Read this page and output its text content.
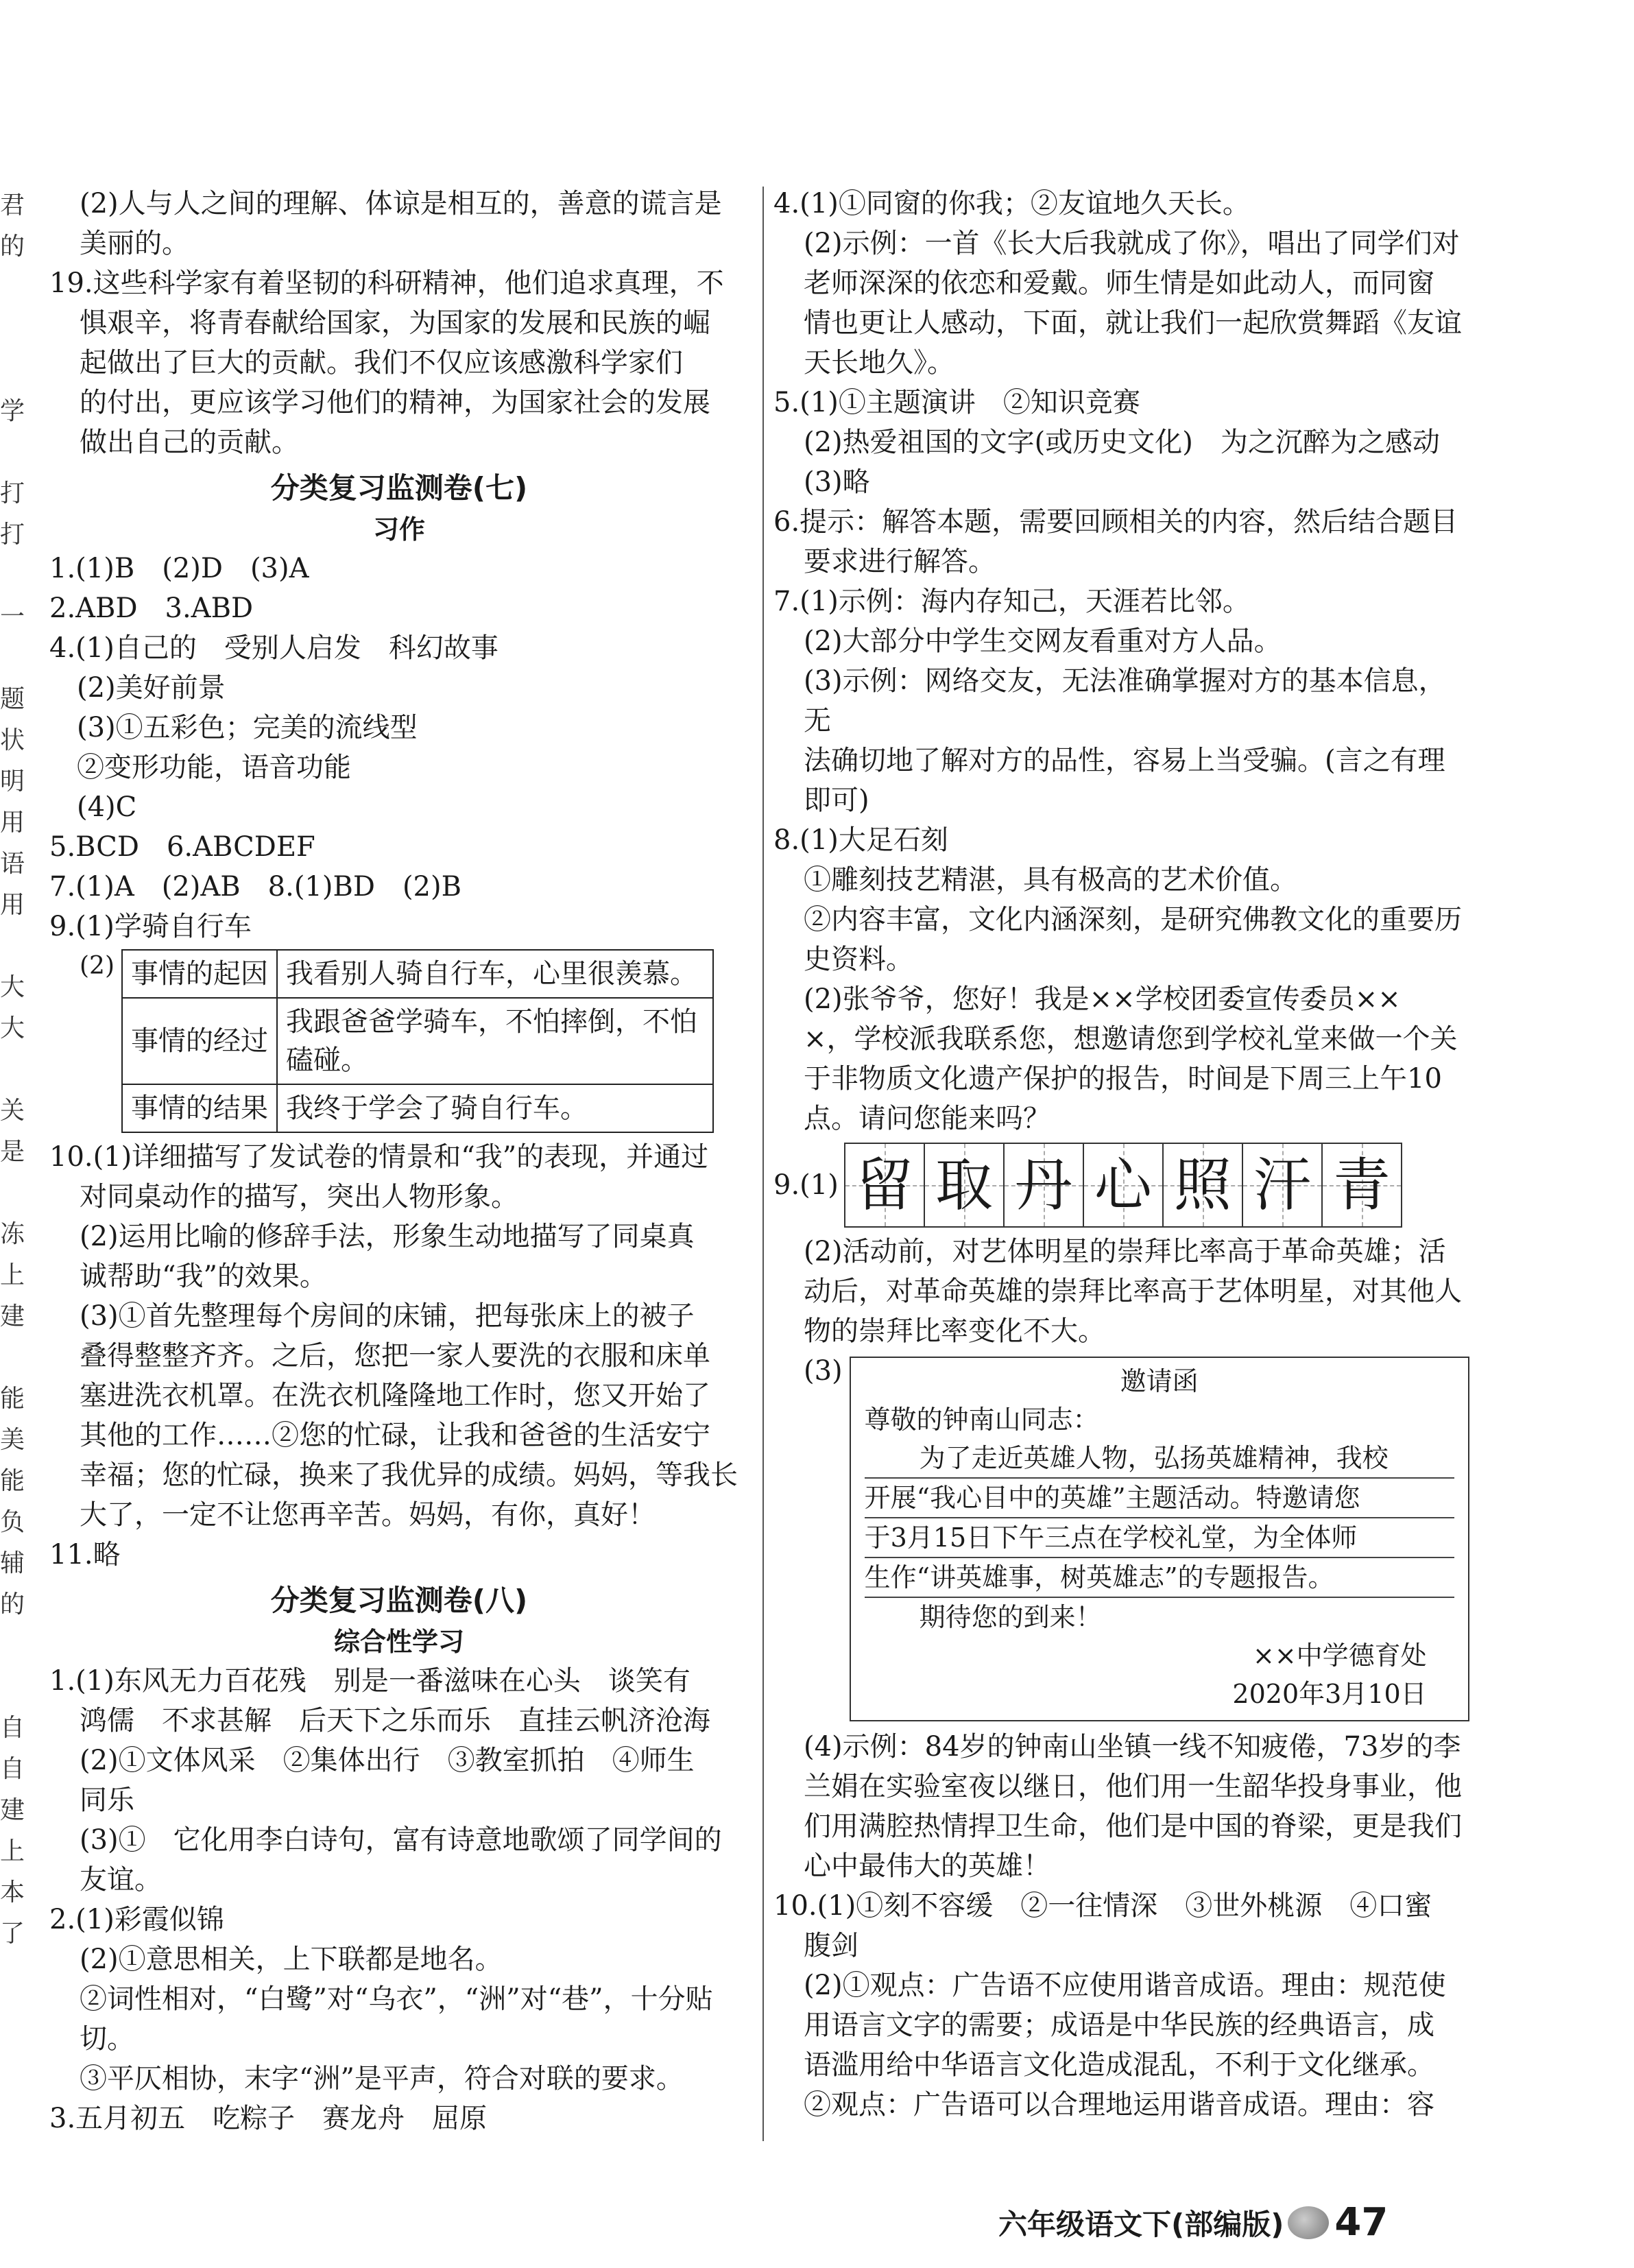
君
的
学
打
打
一
题
状
明
用
语
用
大
大
关
是
冻
上
建
能
美
能
负
辅
的
自
自
建
上
本
了
(2)人与人之间的理解、体谅是相互的，善意的谎言是
美丽的。
19.这些科学家有着坚韧的科研精神，他们追求真理，不
惧艰辛，将青春献给国家，为国家的发展和民族的崛
起做出了巨大的贡献。我们不仅应该感激科学家们
的付出，更应该学习他们的精神，为国家社会的发展
做出自己的贡献。
分类复习监测卷(七)
习作
1.(1)B　(2)D　(3)A
2.ABD　3.ABD
4.(1)自己的　受别人启发　科幻故事
　(2)美好前景
　(3)①五彩色；完美的流线型
　②变形功能，语音功能
　(4)C
5.BCD　6.ABCDEF
7.(1)A　(2)AB　8.(1)BD　(2)B
9.(1)学骑自行车
(2) 事情的起因	我看别人骑自行车，心里很羡慕。
事情的经过	我跟爸爸学骑车，不怕摔倒，不怕磕碰。
事情的结果	我终于学会了骑自行车。
10.(1)详细描写了发试卷的情景和“我”的表现，并通过
对同桌动作的描写，突出人物形象。
(2)运用比喻的修辞手法，形象生动地描写了同桌真
诚帮助“我”的效果。
(3)①首先整理每个房间的床铺，把每张床上的被子
叠得整整齐齐。之后，您把一家人要洗的衣服和床单
塞进洗衣机罩。在洗衣机隆隆地工作时，您又开始了
其他的工作……②您的忙碌，让我和爸爸的生活安宁
幸福；您的忙碌，换来了我优异的成绩。妈妈，等我长
大了，一定不让您再辛苦。妈妈，有你，真好！
11.略
分类复习监测卷(八)
综合性学习
1.(1)东风无力百花残　别是一番滋味在心头　谈笑有
鸿儒　不求甚解　后天下之乐而乐　直挂云帆济沧海
(2)①文体风采　②集体出行　③教室抓拍　④师生
同乐
(3)①　它化用李白诗句，富有诗意地歌颂了同学间的
友谊。
2.(1)彩霞似锦
(2)①意思相关，上下联都是地名。
②词性相对，“白鹭”对“乌衣”，“洲”对“巷”，十分贴切。
③平仄相协，末字“洲”是平声，符合对联的要求。
3.五月初五　吃粽子　赛龙舟　屈原
4.(1)①同窗的你我；②友谊地久天长。
(2)示例：一首《长大后我就成了你》，唱出了同学们对
老师深深的依恋和爱戴。师生情是如此动人，而同窗
情也更让人感动，下面，就让我们一起欣赏舞蹈《友谊
天长地久》。
5.(1)①主题演讲　②知识竞赛
(2)热爱祖国的文字(或历史文化)　为之沉醉为之感动
(3)略
6.提示：解答本题，需要回顾相关的内容，然后结合题目
要求进行解答。
7.(1)示例：海内存知己，天涯若比邻。
(2)大部分中学生交网友看重对方人品。
(3)示例：网络交友，无法准确掌握对方的基本信息，无
法确切地了解对方的品性，容易上当受骗。(言之有理
即可)
8.(1)大足石刻
①雕刻技艺精湛，具有极高的艺术价值。
②内容丰富，文化内涵深刻，是研究佛教文化的重要历
史资料。
(2)张爷爷，您好！我是××学校团委宣传委员××
×，学校派我联系您，想邀请您到学校礼堂来做一个关
于非物质文化遗产保护的报告，时间是下周三上午10
点。请问您能来吗？
9.(1) 留 取 丹 心 照 汗 青
(2)活动前，对艺体明星的崇拜比率高于革命英雄；活
动后，对革命英雄的崇拜比率高于艺体明星，对其他人
物的崇拜比率变化不大。
(3)	邀请函
尊敬的钟南山同志：
为了走近英雄人物，弘扬英雄精神，我校
开展“我心目中的英雄”主题活动。特邀请您
于3月15日下午三点在学校礼堂，为全体师
生作“讲英雄事，树英雄志”的专题报告。
期待您的到来！
××中学德育处
2020年3月10日
(4)示例：84岁的钟南山坐镇一线不知疲倦，73岁的李
兰娟在实验室夜以继日，他们用一生韶华投身事业，他
们用满腔热情捍卫生命，他们是中国的脊梁，更是我们
心中最伟大的英雄！
10.(1)①刻不容缓　②一往情深　③世外桃源　④口蜜
腹剑
(2)①观点：广告语不应使用谐音成语。理由：规范使
用语言文字的需要；成语是中华民族的经典语言，成
语滥用给中华语言文化造成混乱，不利于文化继承。
②观点：广告语可以合理地运用谐音成语。理由：容
六年级语文下(部编版) 47
